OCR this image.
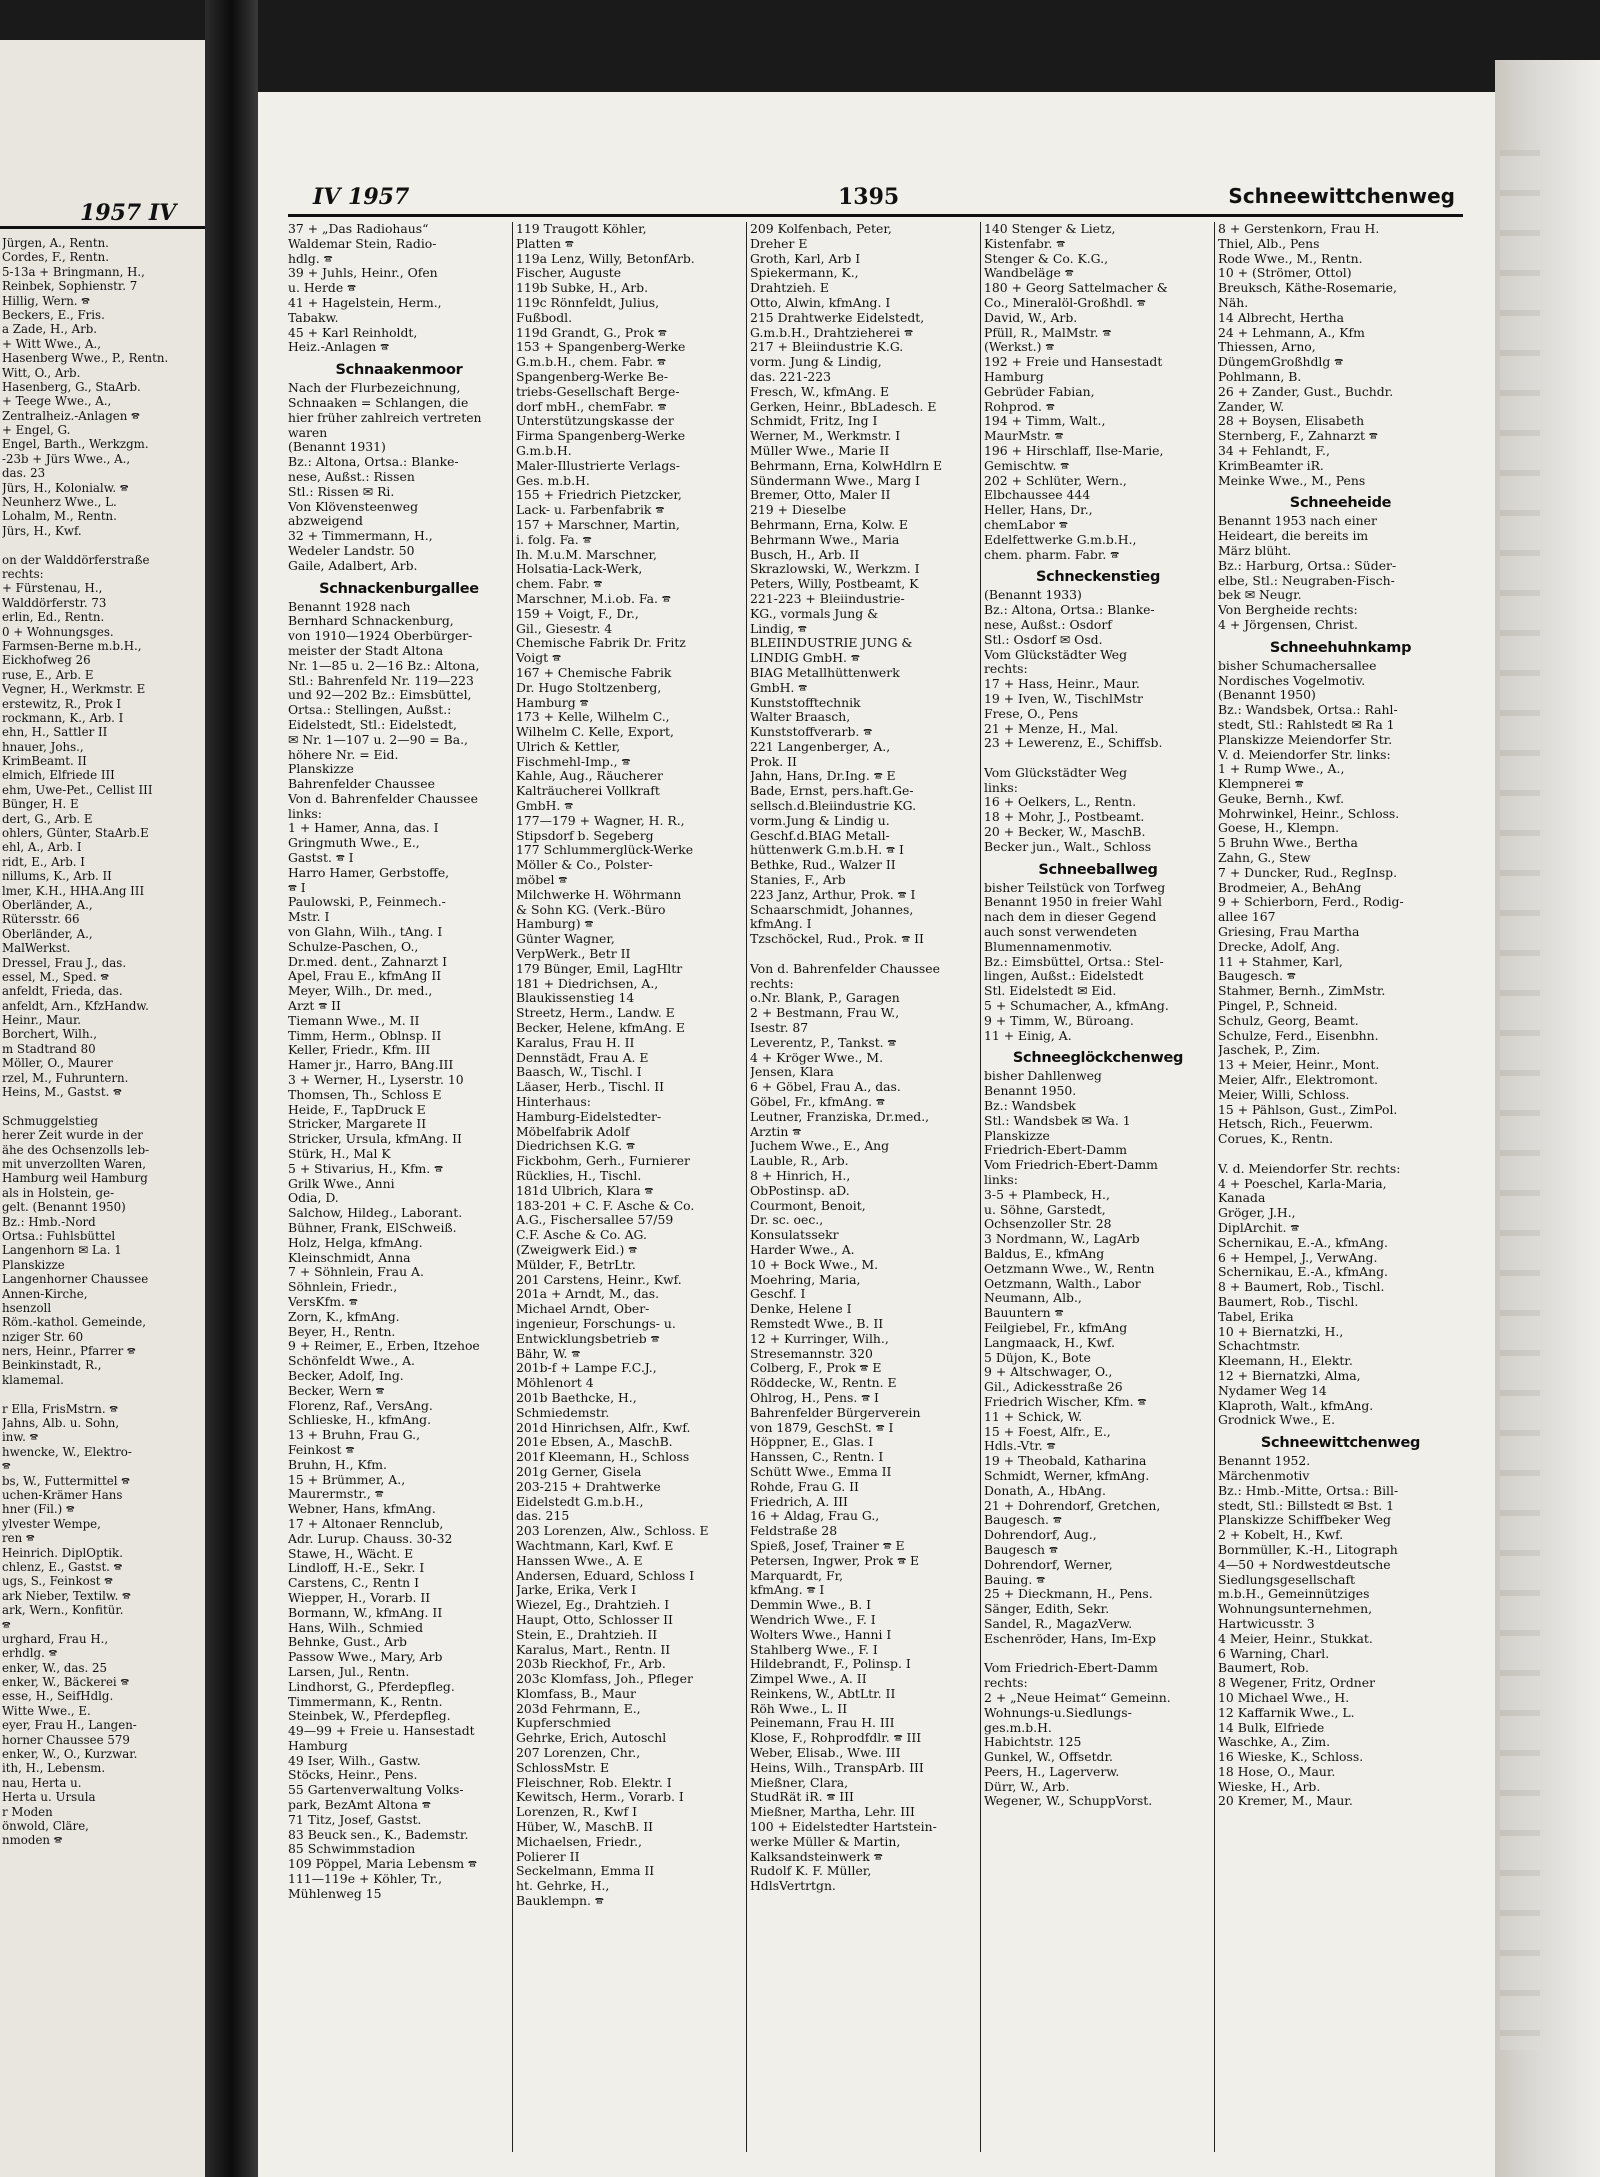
1957 IV
Jürgen, A., Rentn.
Cordes, F., Rentn.
5-13a + Bringmann, H.,
Reinbek, Sophienstr. 7
Hillig, Wern. 🕿
Beckers, E., Fris.
a Zade, H., Arb.
+ Witt Wwe., A.,
Hasenberg Wwe., P., Rentn.
Witt, O., Arb.
Hasenberg, G., StaArb.
+ Teege Wwe., A.,
Zentralheiz.-Anlagen 🕿
+ Engel, G.
Engel, Barth., Werkzgm.
-23b + Jürs Wwe., A.,
das. 23
Jürs, H., Kolonialw. 🕿
Neunherz Wwe., L.
Lohalm, M., Rentn.
Jürs, H., Kwf.
on der Walddörferstraße
rechts:
+ Fürstenau, H.,
Walddörferstr. 73
erlin, Ed., Rentn.
0 + Wohnungsges.
Farmsen-Berne m.b.H.,
Eickhofweg 26
ruse, E., Arb. E
Vegner, H., Werkmstr. E
erstewitz, R., Prok I
rockmann, K., Arb. I
ehn, H., Sattler II
hnauer, Johs.,
KrimBeamt. II
elmich, Elfriede III
ehm, Uwe-Pet., Cellist III
Bünger, H. E
dert, G., Arb. E
ohlers, Günter, StaArb.E
ehl, A., Arb. I
ridt, E., Arb. I
nillums, K., Arb. II
lmer, K.H., HHA.Ang III
Oberländer, A.,
Rütersstr. 66
Oberländer, A.,
MalWerkst.
Dressel, Frau J., das.
essel, M., Sped. 🕿
anfeldt, Frieda, das.
anfeldt, Arn., KfzHandw.
Heinr., Maur.
Borchert, Wilh.,
m Stadtrand 80
Möller, O., Maurer
rzel, M., Fuhruntern.
Heins, M., Gastst. 🕿
Schmuggelstieg
herer Zeit wurde in der
ähe des Ochsenzolls leb-
mit unverzollten Waren,
Hamburg weil Hamburg
als in Holstein, ge-
gelt. (Benannt 1950)
Bz.: Hmb.-Nord
Ortsa.: Fuhlsbüttel
Langenhorn ✉ La. 1
Planskizze
Langenhorner Chaussee
Annen-Kirche,
hsenzoll
Röm.-kathol. Gemeinde,
nziger Str. 60
ners, Heinr., Pfarrer 🕿
Beinkinstadt, R.,
klamemal.
r Ella, FrisMstrn. 🕿
Jahns, Alb. u. Sohn,
inw. 🕿
hwencke, W., Elektro-
🕿
bs, W., Futtermittel 🕿
uchen-Krämer Hans
hner (Fil.) 🕿
ylvester Wempe,
ren 🕿
Heinrich. DiplOptik.
chlenz, E., Gastst. 🕿
ugs, S., Feinkost 🕿
ark Nieber, Textilw. 🕿
ark, Wern., Konfitür.
🕿
urghard, Frau H.,
erhdlg. 🕿
enker, W., das. 25
enker, W., Bäckerei 🕿
esse, H., SeifHdlg.
Witte Wwe., E.
eyer, Frau H., Langen-
horner Chaussee 579
enker, W., O., Kurzwar.
ith, H., Lebensm.
nau, Herta u.
Herta u. Ursula
r Moden
önwold, Cläre,
nmoden 🕿
IV 1957	1395	Schneewittchenweg
37 + „Das Radiohaus“
Waldemar Stein, Radio-
hdlg. 🕿
39 + Juhls, Heinr., Ofen
u. Herde 🕿
41 + Hagelstein, Herm.,
Tabakw.
45 + Karl Reinholdt,
Heiz.-Anlagen 🕿
Schnaakenmoor
Nach der Flurbezeichnung,
Schnaaken = Schlangen, die
hier früher zahlreich vertreten
waren
(Benannt 1931)
Bz.: Altona, Ortsa.: Blanke-
nese, Außst.: Rissen
Stl.: Rissen ✉ Ri.
Von Klövensteenweg
abzweigend
32 + Timmermann, H.,
Wedeler Landstr. 50
Gaile, Adalbert, Arb.
Schnackenburgallee
Benannt 1928 nach
Bernhard Schnackenburg,
von 1910—1924 Oberbürger-
meister der Stadt Altona
Nr. 1—85 u. 2—16 Bz.: Altona,
Stl.: Bahrenfeld Nr. 119—223
und 92—202 Bz.: Eimsbüttel,
Ortsa.: Stellingen, Außst.:
Eidelstedt, Stl.: Eidelstedt,
✉ Nr. 1—107 u. 2—90 = Ba.,
höhere Nr. = Eid.
Planskizze
Bahrenfelder Chaussee
Von d. Bahrenfelder Chaussee
links:
1 + Hamer, Anna, das. I
Gringmuth Wwe., E.,
Gastst. 🕿 I
Harro Hamer, Gerbstoffe,
🕿 I
Paulowski, P., Feinmech.-
Mstr. I
von Glahn, Wilh., tAng. I
Schulze-Paschen, O.,
Dr.med. dent., Zahnarzt I
Apel, Frau E., kfmAng II
Meyer, Wilh., Dr. med.,
Arzt 🕿 II
Tiemann Wwe., M. II
Timm, Herm., Oblnsp. II
Keller, Friedr., Kfm. III
Hamer jr., Harro, BAng.III
3 + Werner, H., Lyserstr. 10
Thomsen, Th., Schloss E
Heide, F., TapDruck E
Stricker, Margarete II
Stricker, Ursula, kfmAng. II
Stürk, H., Mal K
5 + Stivarius, H., Kfm. 🕿
Grilk Wwe., Anni
Odia, D.
Salchow, Hildeg., Laborant.
Bühner, Frank, ElSchweiß.
Holz, Helga, kfmAng.
Kleinschmidt, Anna
7 + Söhnlein, Frau A.
Söhnlein, Friedr.,
VersKfm. 🕿
Zorn, K., kfmAng.
Beyer, H., Rentn.
9 + Reimer, E., Erben, Itzehoe
Schönfeldt Wwe., A.
Becker, Adolf, Ing.
Becker, Wern 🕿
Florenz, Raf., VersAng.
Schlieske, H., kfmAng.
13 + Bruhn, Frau G.,
Feinkost 🕿
Bruhn, H., Kfm.
15 + Brümmer, A.,
Maurermstr., 🕿
Webner, Hans, kfmAng.
17 + Altonaer Rennclub,
Adr. Lurup. Chauss. 30-32
Stawe, H., Wächt. E
Lindloff, H.-E., Sekr. I
Carstens, C., Rentn I
Wiepper, H., Vorarb. II
Bormann, W., kfmAng. II
Hans, Wilh., Schmied
Behnke, Gust., Arb
Passow Wwe., Mary, Arb
Larsen, Jul., Rentn.
Lindhorst, G., Pferdepfleg.
Timmermann, K., Rentn.
Steinbek, W., Pferdepfleg.
49—99 + Freie u. Hansestadt
Hamburg
49 Iser, Wilh., Gastw.
Stöcks, Heinr., Pens.
55 Gartenverwaltung Volks-
park, BezAmt Altona 🕿
71 Titz, Josef, Gastst.
83 Beuck sen., K., Bademstr.
85 Schwimmstadion
109 Pöppel, Maria Lebensm 🕿
111—119e + Köhler, Tr.,
Mühlenweg 15
119 Traugott Köhler,
Platten 🕿
119a Lenz, Willy, BetonfArb.
Fischer, Auguste
119b Subke, H., Arb.
119c Rönnfeldt, Julius,
Fußbodl.
119d Grandt, G., Prok 🕿
153 + Spangenberg-Werke
G.m.b.H., chem. Fabr. 🕿
Spangenberg-Werke Be-
triebs-Gesellschaft Berge-
dorf mbH., chemFabr. 🕿
Unterstützungskasse der
Firma Spangenberg-Werke
G.m.b.H.
Maler-Illustrierte Verlags-
Ges. m.b.H.
155 + Friedrich Pietzcker,
Lack- u. Farbenfabrik 🕿
157 + Marschner, Martin,
i. folg. Fa. 🕿
Ih. M.u.M. Marschner,
Holsatia-Lack-Werk,
chem. Fabr. 🕿
Marschner, M.i.ob. Fa. 🕿
159 + Voigt, F., Dr.,
Gil., Giesestr. 4
Chemische Fabrik Dr. Fritz
Voigt 🕿
167 + Chemische Fabrik
Dr. Hugo Stoltzenberg,
Hamburg 🕿
173 + Kelle, Wilhelm C.,
Wilhelm C. Kelle, Export,
Ulrich & Kettler,
Fischmehl-Imp., 🕿
Kahle, Aug., Räucherer
Kalträucherei Vollkraft
GmbH. 🕿
177—179 + Wagner, H. R.,
Stipsdorf b. Segeberg
177 Schlummerglück-Werke
Möller & Co., Polster-
möbel 🕿
Milchwerke H. Wöhrmann
& Sohn KG. (Verk.-Büro
Hamburg) 🕿
Günter Wagner,
VerpWerk., Betr II
179 Bünger, Emil, LagHltr
181 + Diedrichsen, A.,
Blaukissenstieg 14
Streetz, Herm., Landw. E
Becker, Helene, kfmAng. E
Karalus, Frau H. II
Dennstädt, Frau A. E
Baasch, W., Tischl. I
Läaser, Herb., Tischl. II
Hinterhaus:
Hamburg-Eidelstedter-
Möbelfabrik Adolf
Diedrichsen K.G. 🕿
Fickbohm, Gerh., Furnierer
Rücklies, H., Tischl.
181d Ulbrich, Klara 🕿
183-201 + C. F. Asche & Co.
A.G., Fischersallee 57/59
C.F. Asche & Co. AG.
(Zweigwerk Eid.) 🕿
Mülder, F., BetrLtr.
201 Carstens, Heinr., Kwf.
201a + Arndt, M., das.
Michael Arndt, Ober-
ingenieur, Forschungs- u.
Entwicklungsbetrieb 🕿
Bähr, W. 🕿
201b-f + Lampe F.C.J.,
Möhlenort 4
201b Baethcke, H.,
Schmiedemstr.
201d Hinrichsen, Alfr., Kwf.
201e Ebsen, A., MaschB.
201f Kleemann, H., Schloss
201g Gerner, Gisela
203-215 + Drahtwerke
Eidelstedt G.m.b.H.,
das. 215
203 Lorenzen, Alw., Schloss. E
Wachtmann, Karl, Kwf. E
Hanssen Wwe., A. E
Andersen, Eduard, Schloss I
Jarke, Erika, Verk I
Wiezel, Eg., Drahtzieh. I
Haupt, Otto, Schlosser II
Stein, E., Drahtzieh. II
Karalus, Mart., Rentn. II
203b Rieckhof, Fr., Arb.
203c Klomfass, Joh., Pfleger
Klomfass, B., Maur
203d Fehrmann, E.,
Kupferschmied
Gehrke, Erich, Autoschl
207 Lorenzen, Chr.,
SchlossMstr. E
Fleischner, Rob. Elektr. I
Kewitsch, Herm., Vorarb. I
Lorenzen, R., Kwf I
Hüber, W., MaschB. II
Michaelsen, Friedr.,
Polierer II
Seckelmann, Emma II
ht. Gehrke, H.,
Bauklempn. 🕿
209 Kolfenbach, Peter,
Dreher E
Groth, Karl, Arb I
Spiekermann, K.,
Drahtzieh. E
Otto, Alwin, kfmAng. I
215 Drahtwerke Eidelstedt,
G.m.b.H., Drahtzieherei 🕿
217 + Bleiindustrie K.G.
vorm. Jung & Lindig,
das. 221-223
Fresch, W., kfmAng. E
Gerken, Heinr., BbLadesch. E
Schmidt, Fritz, Ing I
Werner, M., Werkmstr. I
Müller Wwe., Marie II
Behrmann, Erna, KolwHdlrn E
Sündermann Wwe., Marg I
Bremer, Otto, Maler II
219 + Dieselbe
Behrmann, Erna, Kolw. E
Behrmann Wwe., Maria
Busch, H., Arb. II
Skrazlowski, W., Werkzm. I
Peters, Willy, Postbeamt, K
221-223 + Bleiindustrie-
KG., vormals Jung &
Lindig, 🕿
BLEIINDUSTRIE JUNG &
LINDIG GmbH. 🕿
BIAG Metallhüttenwerk
GmbH. 🕿
Kunststofftechnik
Walter Braasch,
Kunststoffverarb. 🕿
221 Langenberger, A.,
Prok. II
Jahn, Hans, Dr.Ing. 🕿 E
Bade, Ernst, pers.haft.Ge-
sellsch.d.Bleiindustrie KG.
vorm.Jung & Lindig u.
Geschf.d.BIAG Metall-
hüttenwerk G.m.b.H. 🕿 I
Bethke, Rud., Walzer II
Stanies, F., Arb
223 Janz, Arthur, Prok. 🕿 I
Schaarschmidt, Johannes,
kfmAng. I
Tzschöckel, Rud., Prok. 🕿 II
Von d. Bahrenfelder Chaussee
rechts:
o.Nr. Blank, P., Garagen
2 + Bestmann, Frau W.,
Isestr. 87
Leverentz, P., Tankst. 🕿
4 + Kröger Wwe., M.
Jensen, Klara
6 + Göbel, Frau A., das.
Göbel, Fr., kfmAng. 🕿
Leutner, Franziska, Dr.med.,
Arztin 🕿
Juchem Wwe., E., Ang
Lauble, R., Arb.
8 + Hinrich, H.,
ObPostinsp. aD.
Courmont, Benoit,
Dr. sc. oec.,
Konsulatssekr
Harder Wwe., A.
10 + Bock Wwe., M.
Moehring, Maria,
Geschf. I
Denke, Helene I
Remstedt Wwe., B. II
12 + Kurringer, Wilh.,
Stresemannstr. 320
Colberg, F., Prok 🕿 E
Röddecke, W., Rentn. E
Ohlrog, H., Pens. 🕿 I
Bahrenfelder Bürgerverein
von 1879, GeschSt. 🕿 I
Höppner, E., Glas. I
Hanssen, C., Rentn. I
Schütt Wwe., Emma II
Rohde, Frau G. II
Friedrich, A. III
16 + Aldag, Frau G.,
Feldstraße 28
Spieß, Josef, Trainer 🕿 E
Petersen, Ingwer, Prok 🕿 E
Marquardt, Fr,
kfmAng. 🕿 I
Demmin Wwe., B. I
Wendrich Wwe., F. I
Wolters Wwe., Hanni I
Stahlberg Wwe., F. I
Hildebrandt, F., Polinsp. I
Zimpel Wwe., A. II
Reinkens, W., AbtLtr. II
Röh Wwe., L. II
Peinemann, Frau H. III
Klose, F., Rohprodfdlr. 🕿 III
Weber, Elisab., Wwe. III
Heins, Wilh., TranspArb. III
Mießner, Clara,
StudRät iR. 🕿 III
Mießner, Martha, Lehr. III
100 + Eidelstedter Hartstein-
werke Müller & Martin,
Kalksandsteinwerk 🕿
Rudolf K. F. Müller,
HdlsVertrtgn.
140 Stenger & Lietz,
Kistenfabr. 🕿
Stenger & Co. K.G.,
Wandbeläge 🕿
180 + Georg Sattelmacher &
Co., Mineralöl-Großhdl. 🕿
David, W., Arb.
Pfüll, R., MalMstr. 🕿
(Werkst.) 🕿
192 + Freie und Hansestadt
Hamburg
Gebrüder Fabian,
Rohprod. 🕿
194 + Timm, Walt.,
MaurMstr. 🕿
196 + Hirschlaff, Ilse-Marie,
Gemischtw. 🕿
202 + Schlüter, Wern.,
Elbchaussee 444
Heller, Hans, Dr.,
chemLabor 🕿
Edelfettwerke G.m.b.H.,
chem. pharm. Fabr. 🕿
Schneckenstieg
(Benannt 1933)
Bz.: Altona, Ortsa.: Blanke-
nese, Außst.: Osdorf
Stl.: Osdorf ✉ Osd.
Vom Glückstädter Weg
rechts:
17 + Hass, Heinr., Maur.
19 + Iven, W., TischlMstr
Frese, O., Pens
21 + Menze, H., Mal.
23 + Lewerenz, E., Schiffsb.
Vom Glückstädter Weg
links:
16 + Oelkers, L., Rentn.
18 + Mohr, J., Postbeamt.
20 + Becker, W., MaschB.
Becker jun., Walt., Schloss
Schneeballweg
bisher Teilstück von Torfweg
Benannt 1950 in freier Wahl
nach dem in dieser Gegend
auch sonst verwendeten
Blumennamenmotiv.
Bz.: Eimsbüttel, Ortsa.: Stel-
lingen, Außst.: Eidelstedt
Stl. Eidelstedt ✉ Eid.
5 + Schumacher, A., kfmAng.
9 + Timm, W., Büroang.
11 + Einig, A.
Schneeglöckchenweg
bisher Dahllenweg
Benannt 1950.
Bz.: Wandsbek
Stl.: Wandsbek ✉ Wa. 1
Planskizze
Friedrich-Ebert-Damm
Vom Friedrich-Ebert-Damm
links:
3-5 + Plambeck, H.,
u. Söhne, Garstedt,
Ochsenzoller Str. 28
3 Nordmann, W., LagArb
Baldus, E., kfmAng
Oetzmann Wwe., W., Rentn
Oetzmann, Walth., Labor
Neumann, Alb.,
Bauuntern 🕿
Feilgiebel, Fr., kfmAng
Langmaack, H., Kwf.
5 Düjon, K., Bote
9 + Altschwager, O.,
Gil., Adickesstraße 26
Friedrich Wischer, Kfm. 🕿
11 + Schick, W.
15 + Foest, Alfr., E.,
Hdls.-Vtr. 🕿
19 + Theobald, Katharina
Schmidt, Werner, kfmAng.
Donath, A., HbAng.
21 + Dohrendorf, Gretchen,
Baugesch. 🕿
Dohrendorf, Aug.,
Baugesch 🕿
Dohrendorf, Werner,
Bauing. 🕿
25 + Dieckmann, H., Pens.
Sänger, Edith, Sekr.
Sandel, R., MagazVerw.
Eschenröder, Hans, Im-Exp
Vom Friedrich-Ebert-Damm
rechts:
2 + „Neue Heimat“ Gemeinn.
Wohnungs-u.Siedlungs-
ges.m.b.H.
Habichtstr. 125
Gunkel, W., Offsetdr.
Peers, H., Lagerverw.
Dürr, W., Arb.
Wegener, W., SchuppVorst.
8 + Gerstenkorn, Frau H.
Thiel, Alb., Pens
Rode Wwe., M., Rentn.
10 + (Strömer, Ottol)
Breuksch, Käthe-Rosemarie,
Näh.
14 Albrecht, Hertha
24 + Lehmann, A., Kfm
Thiessen, Arno,
DüngemGroßhdlg 🕿
Pohlmann, B.
26 + Zander, Gust., Buchdr.
Zander, W.
28 + Boysen, Elisabeth
Sternberg, F., Zahnarzt 🕿
34 + Fehlandt, F.,
KrimBeamter iR.
Meinke Wwe., M., Pens
Schneeheide
Benannt 1953 nach einer
Heideart, die bereits im
März blüht.
Bz.: Harburg, Ortsa.: Süder-
elbe, Stl.: Neugraben-Fisch-
bek ✉ Neugr.
Von Bergheide rechts:
4 + Jörgensen, Christ.
Schneehuhnkamp
bisher Schumachersallee
Nordisches Vogelmotiv.
(Benannt 1950)
Bz.: Wandsbek, Ortsa.: Rahl-
stedt, Stl.: Rahlstedt ✉ Ra 1
Planskizze Meiendorfer Str.
V. d. Meiendorfer Str. links:
1 + Rump Wwe., A.,
Klempnerei 🕿
Geuke, Bernh., Kwf.
Mohrwinkel, Heinr., Schloss.
Goese, H., Klempn.
5 Bruhn Wwe., Bertha
Zahn, G., Stew
7 + Duncker, Rud., RegInsp.
Brodmeier, A., BehAng
9 + Schierborn, Ferd., Rodig-
allee 167
Griesing, Frau Martha
Drecke, Adolf, Ang.
11 + Stahmer, Karl,
Baugesch. 🕿
Stahmer, Bernh., ZimMstr.
Pingel, P., Schneid.
Schulz, Georg, Beamt.
Schulze, Ferd., Eisenbhn.
Jaschek, P., Zim.
13 + Meier, Heinr., Mont.
Meier, Alfr., Elektromont.
Meier, Willi, Schloss.
15 + Pählson, Gust., ZimPol.
Hetsch, Rich., Feuerwm.
Corues, K., Rentn.
V. d. Meiendorfer Str. rechts:
4 + Poeschel, Karla-Maria,
Kanada
Gröger, J.H.,
DiplArchit. 🕿
Schernikau, E.-A., kfmAng.
6 + Hempel, J., VerwAng.
Schernikau, E.-A., kfmAng.
8 + Baumert, Rob., Tischl.
Baumert, Rob., Tischl.
Tabel, Erika
10 + Biernatzki, H.,
Schachtmstr.
Kleemann, H., Elektr.
12 + Biernatzki, Alma,
Nydamer Weg 14
Klaproth, Walt., kfmAng.
Grodnick Wwe., E.
Schneewittchenweg
Benannt 1952.
Märchenmotiv
Bz.: Hmb.-Mitte, Ortsa.: Bill-
stedt, Stl.: Billstedt ✉ Bst. 1
Planskizze Schiffbeker Weg
2 + Kobelt, H., Kwf.
Bornmüller, K.-H., Litograph
4—50 + Nordwestdeutsche
Siedlungsgesellschaft
m.b.H., Gemeinnütziges
Wohnungsunternehmen,
Hartwicusstr. 3
4 Meier, Heinr., Stukkat.
6 Warning, Charl.
Baumert, Rob.
8 Wegener, Fritz, Ordner
10 Michael Wwe., H.
12 Kaffarnik Wwe., L.
14 Bulk, Elfriede
Waschke, A., Zim.
16 Wieske, K., Schloss.
18 Hose, O., Maur.
Wieske, H., Arb.
20 Kremer, M., Maur.
